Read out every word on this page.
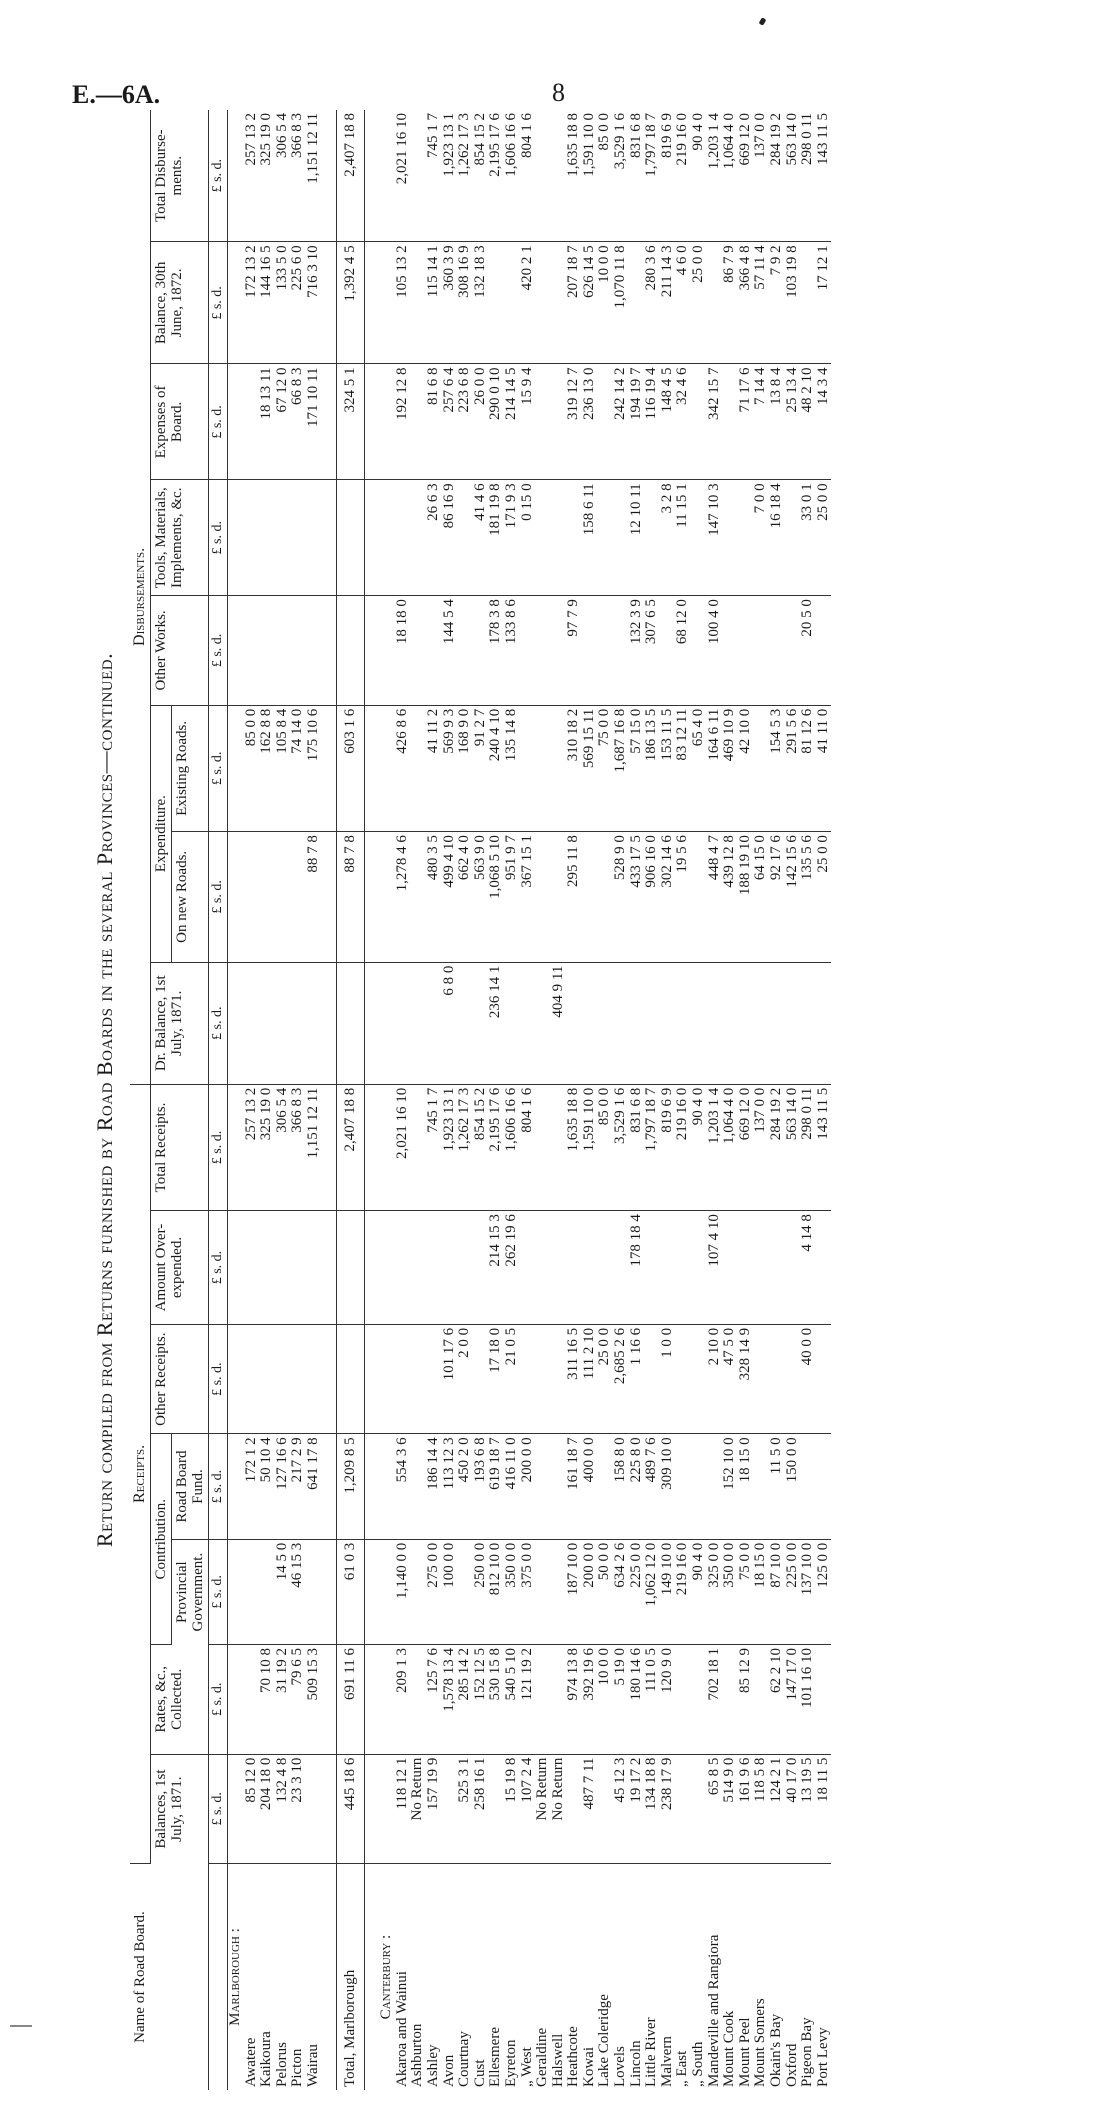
E.—6A.	8
Return compiled from Returns furnished by Road Boards in the several Provinces—continued.
Name of Road Board.	Receipts.							Disbursements.							
	Balances, 1st July, 1871.	Rates, &c., Collected.	Contribution.		Other Receipts.	Amount Over-expended.	Total Receipts.	Dr. Balance, 1st July, 1871.	Expenditure.		Other Works.	Tools, Materials, Implements, &c.	Expenses of Board.	Balance, 30th June, 1872.	Total Disburse-ments.
			Provincial Government.	Road Board Fund.					On new Roads.	Existing Roads.					
	£ s. d.	£ s. d.	£ s. d.	£ s. d.	£ s. d.	£ s. d.	£ s. d.	£ s. d.	£ s. d.	£ s. d.	£ s. d.	£ s. d.	£ s. d.	£ s. d.	£ s. d.
Marlborough :															
Awatere	85 12 0			172 1 2			257 13 2			85 0 0				172 13 2	257 13 2
Kaikoura	204 18 0	70 10 8		50 10 4			325 19 0			162 8 8			18 13 11	144 16 5	325 19 0
Pelorus	132 4 8	31 19 2	14 5 0	127 16 6			306 5 4			105 8 4			67 12 0	133 5 0	306 5 4
Picton	23 3 10	79 6 5	46 15 3	217 2 9			366 8 3			74 14 0			66 8 3	225 6 0	366 8 3
Wairau		509 15 3		641 17 8			1,151 12 11		88 7 8	175 10 6			171 10 11	716 3 10	1,151 12 11

Total, Marlborough	445 18 6	691 11 6	61 0 3	1,209 8 5			2,407 18 8		88 7 8	603 1 6			324 5 1	1,392 4 5	2,407 18 8

Canterbury :															
Akaroa and Wainui	118 12 1	209 1 3	1,140 0 0	554 3 6			2,021 16 10		1,278 4 6	426 8 6	18 18 0		192 12 8	105 13 2	2,021 16 10
Ashburton	No Return														
Ashley	157 19 9	125 7 6	275 0 0	186 14 4			745 1 7		480 3 5	41 11 2		26 6 3	81 6 8	115 14 1	745 1 7
Avon		1,578 13 4	100 0 0	113 12 3	101 17 6		1,923 13 1	6 8 0	499 4 10	569 9 3	144 5 4	86 16 9	257 6 4	360 3 9	1,923 13 1
Courtnay	525 3 1	285 14 2		450 2 0	2 0 0		1,262 17 3		662 4 0	168 9 0			223 6 8	308 16 9	1,262 17 3
Cust	258 16 1	152 12 5	250 0 0	193 6 8			854 15 2		563 9 0	91 2 7		41 4 6	26 0 0	132 18 3	854 15 2
Ellesmere		530 15 8	812 10 0	619 18 7	17 18 0	214 15 3	2,195 17 6	236 14 1	1,068 5 10	240 4 10	178 3 8	181 19 8	290 0 10		2,195 17 6
Eyreton	15 19 8	540 5 10	350 0 0	416 11 0	21 0 5	262 19 6	1,606 16 6		951 9 7	135 14 8	133 8 6	171 9 3	214 14 5		1,606 16 6
„ West	107 2 4	121 19 2	375 0 0	200 0 0			804 1 6		367 15 1			0 15 0	15 9 4	420 2 1	804 1 6
Geraldine	No Return														
Halswell	No Return							404 9 11							
Heathcote		974 13 8	187 10 0	161 18 7	311 16 5		1,635 18 8		295 11 8	310 18 2	97 7 9		319 12 7	207 18 7	1,635 18 8
Kowai	487 7 11	392 19 6	200 0 0	400 0 0	111 2 10		1,591 10 0			569 15 11		158 6 11	236 13 0	626 14 5	1,591 10 0
Lake Coleridge		10 0 0	50 0 0		25 0 0		85 0 0			75 0 0				10 0 0	85 0 0
Lovels	45 12 3	5 19 0	634 2 6	158 8 0	2,685 2 6		3,529 1 6		528 9 0	1,687 16 8			242 14 2	1,070 11 8	3,529 1 6
Lincoln	19 17 2	180 14 6	225 0 0	225 8 0	1 16 6	178 18 4	831 6 8		433 17 5	57 15 0	132 3 9	12 10 11	194 19 7		831 6 8
Little River	134 18 8	111 0 5	1,062 12 0	489 7 6			1,797 18 7		906 16 0	186 13 5	307 6 5		116 19 4	280 3 6	1,797 18 7
Malvern	238 17 9	120 9 0	149 10 0	309 10 0	1 0 0		819 6 9		302 14 6	153 11 5		3 2 8	148 4 5	211 14 3	819 6 9
„ East			219 16 0				219 16 0		19 5 6	83 12 11	68 12 0	11 15 1	32 4 6	4 6 0	219 16 0
„ South			90 4 0				90 4 0			65 4 0				25 0 0	90 4 0
Mandeville and Rangiora	65 8 5	702 18 1	325 0 0		2 10 0	107 4 10	1,203 1 4		448 4 7	164 6 11	100 4 0	147 10 3	342 15 7		1,203 1 4
Mount Cook	514 9 0		350 0 0	152 10 0	47 5 0		1,064 4 0		439 12 8	469 10 9				86 7 9	1,064 4 0
Mount Peel	161 9 6	85 12 9	75 0 0	18 15 0	328 14 9		669 12 0		188 19 10	42 10 0			71 17 6	366 4 8	669 12 0
Mount Somers	118 5 8		18 15 0				137 0 0		64 15 0			7 0 0	7 14 4	57 11 4	137 0 0
Okain's Bay	124 2 1	62 2 10	87 10 0	11 5 0			284 19 2		92 17 6	154 5 3		16 18 4	13 8 4	7 9 2	284 19 2
Oxford	40 17 0	147 17 0	225 0 0	150 0 0			563 14 0		142 15 6	291 5 6			25 13 4	103 19 8	563 14 0
Pigeon Bay	13 19 5	101 16 10	137 10 0		40 0 0	4 14 8	298 0 11		135 5 6	81 12 6	20 5 0	33 0 1	48 2 10		298 0 11
Port Levy	18 11 5		125 0 0				143 11 5		25 0 0	41 11 0		25 0 0	14 3 4	17 12 1	143 11 5
